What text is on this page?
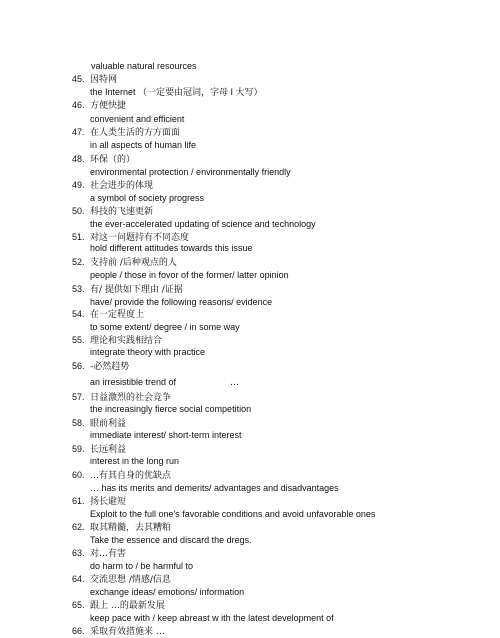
valuable natural resources
45. 因特网
the Internet （一定要由冠词，字母 I 大写）
46. 方便快捷
convenient and efficient
47. 在人类生活的方方面面
in all aspects of human life
48. 环保（的）
environmental protection / environmentally friendly
49. 社会进步的体现
a symbol of society progress
50. 科技的飞速更新
the ever-accelerated updating of science and technology
51. 对这一问题持有不同态度
hold different attitudes towards this issue
52. 支持前 /后种观点的人
people / those in fovor of the former/ latter opinion
53. 有/ 提供如下理由 /证据
have/ provide the following reasons/ evidence
54. 在一定程度上
to some extent/ degree / in some way
55. 理论和实践相结合
integrate theory with practice
56. -必然趋势
an irresistible trend of	…
57. 日益激烈的社会竞争
the increasingly fierce social competition
58. 眼前利益
immediate interest/ short-term interest
59. 长远利益
interest in the long run
60. …有其自身的优缺点
… has its merits and demerits/ advantages and disadvantages
61. 扬长避短
Exploit to the full one's favorable conditions and avoid unfavorable ones
62. 取其精髓，去其糟粕
Take the essence and discard the dregs.
63. 对…有害
do harm to / be harmful to
64. 交流思想 /情感/信息
exchange ideas/ emotions/ information
65. 跟上 …的最新发展
keep pace with / keep abreast w ith the latest development of
66. 采取有效措施来 …
